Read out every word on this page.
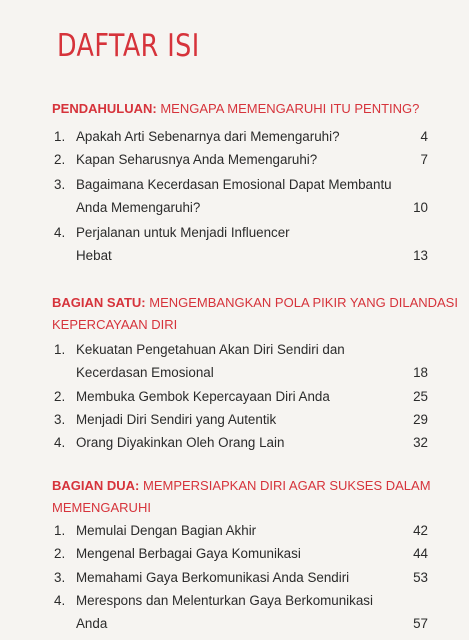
DAFTAR ISI
PENDAHULUAN: MENGAPA MEMENGARUHI ITU PENTING?
1. Apakah Arti Sebenarnya dari Memengaruhi?	4
2. Kapan Seharusnya Anda Memengaruhi?	7
3. Bagaimana Kecerdasan Emosional Dapat Membantu
Anda Memengaruhi?	10
4. Perjalanan untuk Menjadi Influencer
Hebat	13
BAGIAN SATU: MENGEMBANGKAN POLA PIKIR YANG DILANDASI
KEPERCAYAAN DIRI
1. Kekuatan Pengetahuan Akan Diri Sendiri dan
Kecerdasan Emosional	18
2. Membuka Gembok Kepercayaan Diri Anda	25
3. Menjadi Diri Sendiri yang Autentik	29
4. Orang Diyakinkan Oleh Orang Lain	32
BAGIAN DUA: MEMPERSIAPKAN DIRI AGAR SUKSES DALAM
MEMENGARUHI
1. Memulai Dengan Bagian Akhir	42
2. Mengenal Berbagai Gaya Komunikasi	44
3. Memahami Gaya Berkomunikasi Anda Sendiri	53
4. Merespons dan Melenturkan Gaya Berkomunikasi
Anda	57
